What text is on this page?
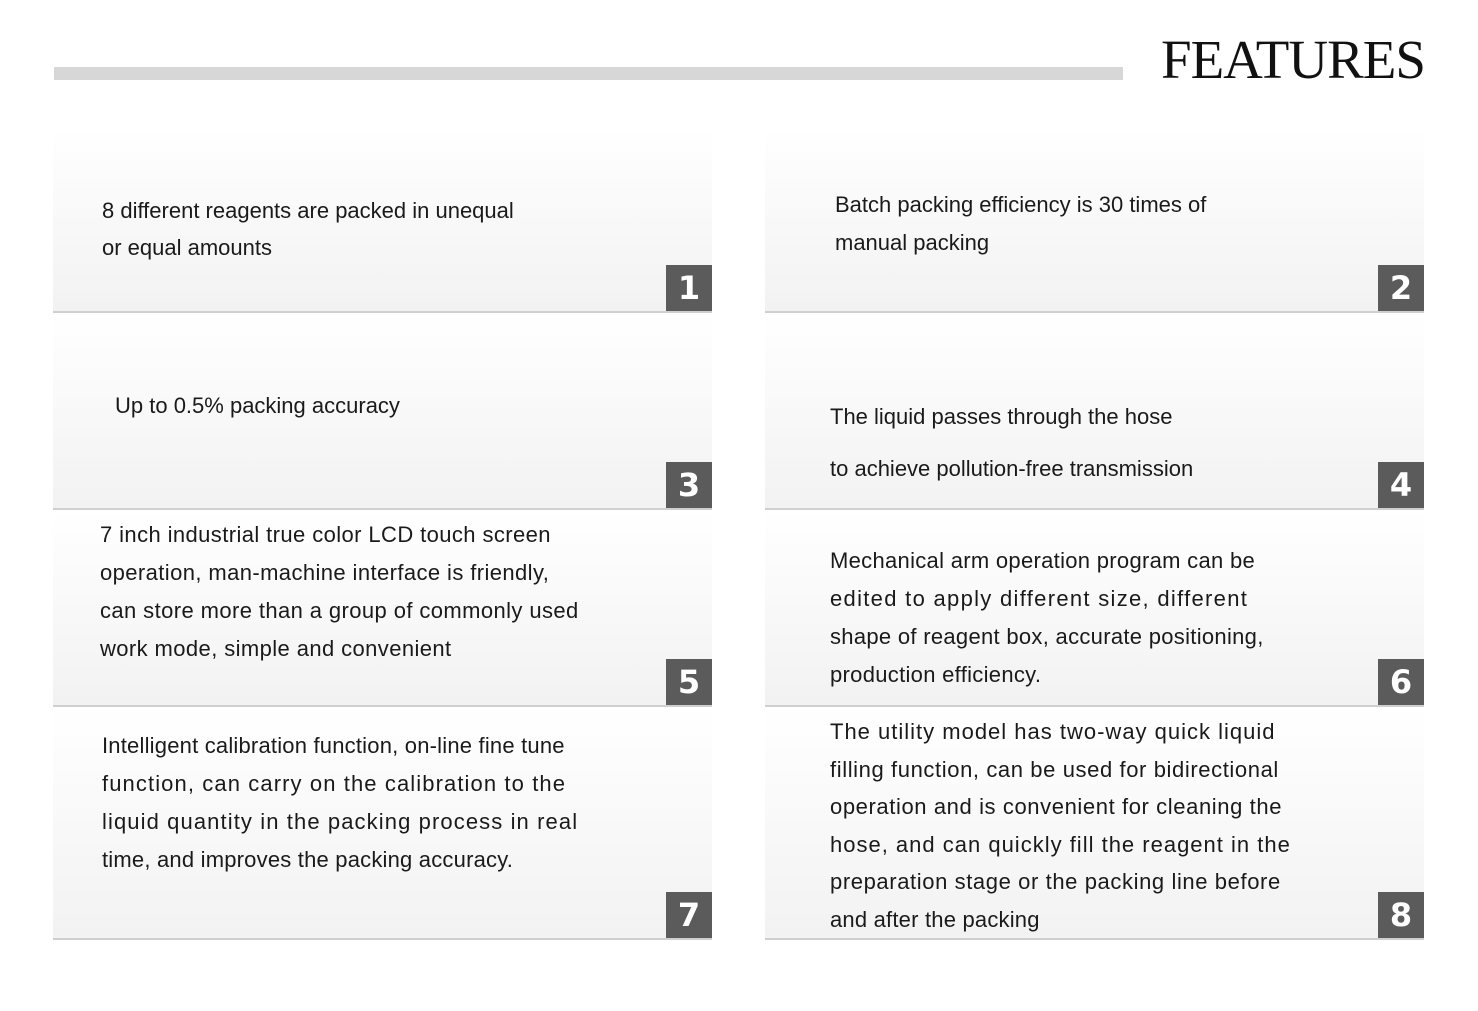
FEATURES

8 different reagents are packed in unequal
or equal amounts

1

Batch packing efficiency is 30 times of
manual packing

2

Up to 0.5% packing accuracy

3

The liquid passes through the hose
to achieve pollution-free transmission	4

7 inch industrial true color LCD touch screen
operation, man-machine interface is friendly,
can store more than a group of commonly used
work mode, simple and convenient

5

Mechanical arm operation program can be
edited to apply different size, different
shape of reagent box, accurate positioning,
production efficiency.	6

Intelligent calibration function, on-line fine tune
function, can carry on the calibration to the
liquid quantity in the packing process in real
time, and improves the packing accuracy.

7

The utility model has two-way quick liquid
filling function, can be used for bidirectional
operation and is convenient for cleaning the
hose, and can quickly fill the reagent in the
preparation stage or the packing line before
and after the packing	8
